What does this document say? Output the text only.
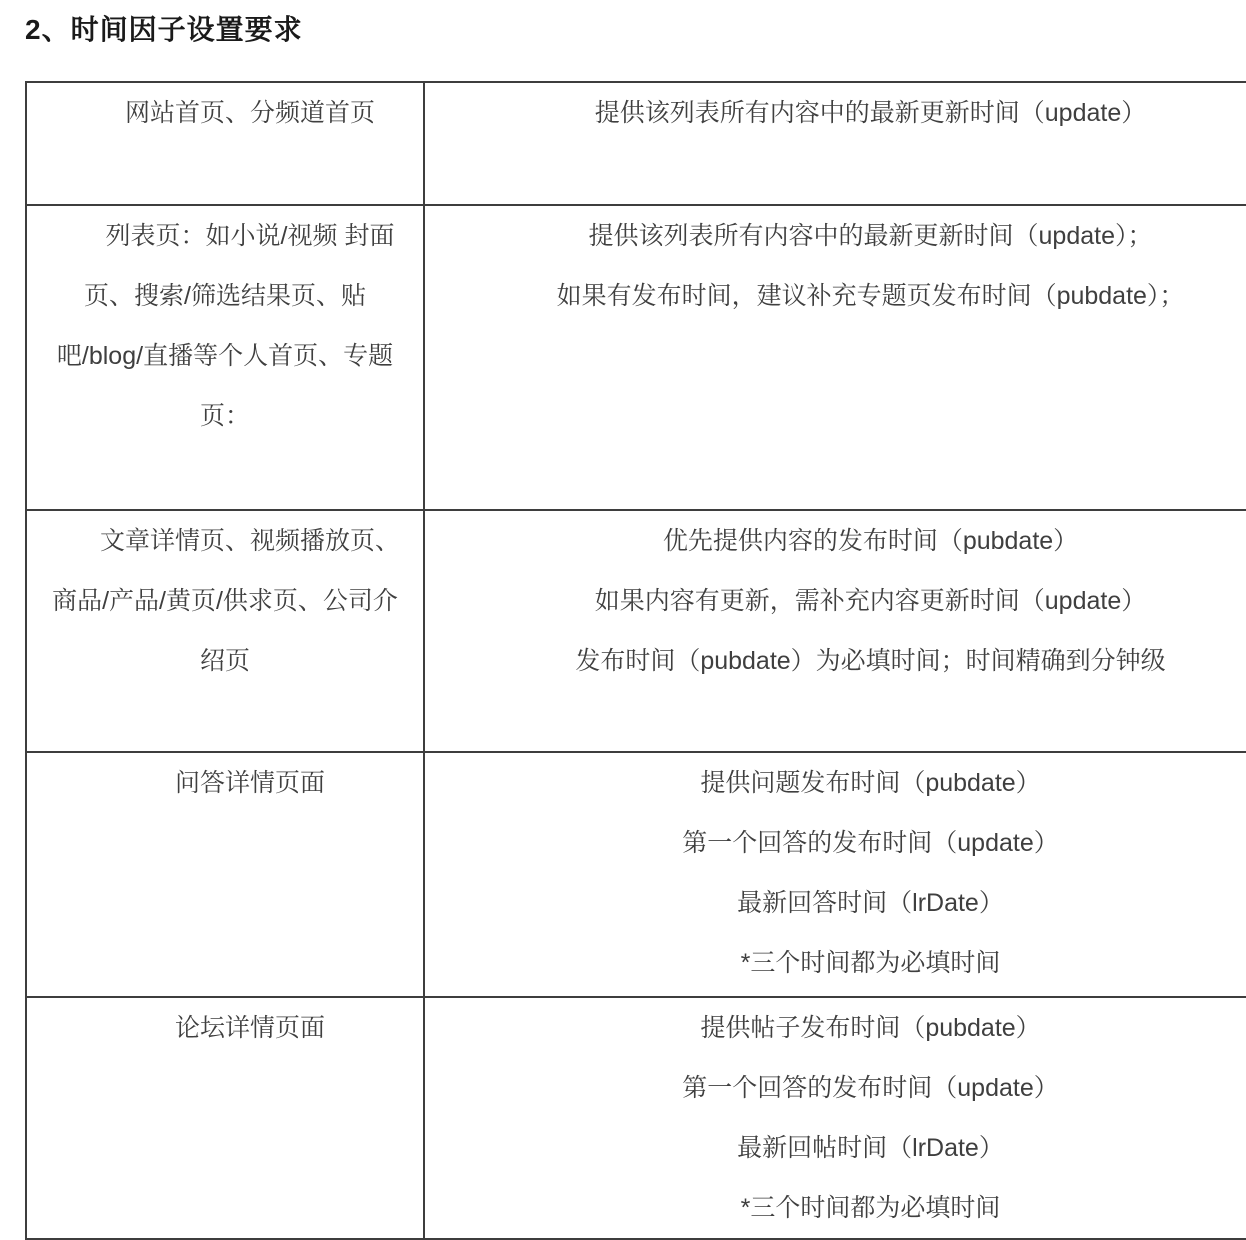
2、时间因子设置要求

网站首页、分频道首页	提供该列表所有内容中的最新更新时间（update）

列表页：如小说/视频 封面页、搜索/筛选结果页、贴吧/blog/直播等个人首页、专题页：	提供该列表所有内容中的最新更新时间（update）；

如果有发布时间，建议补充专题页发布时间（pubdate）；

文章详情页、视频播放页、商品/产品/黄页/供求页、公司介绍页	优先提供内容的发布时间（pubdate）

如果内容有更新，需补充内容更新时间（update）

发布时间（pubdate）为必填时间；时间精确到分钟级

问答详情页面	提供问题发布时间（pubdate）

第一个回答的发布时间（update）

最新回答时间（lrDate）

*三个时间都为必填时间

论坛详情页面	提供帖子发布时间（pubdate）

第一个回答的发布时间（update）

最新回帖时间（lrDate）

*三个时间都为必填时间
